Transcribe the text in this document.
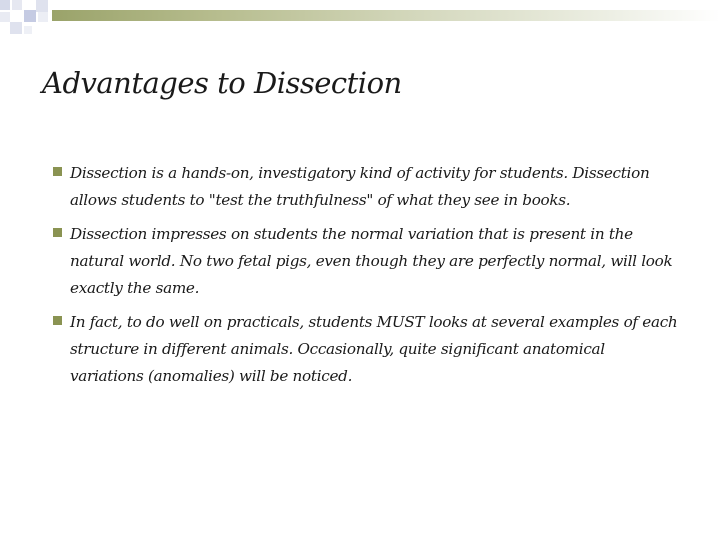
Advantages to Dissection
Dissection is a hands-on, investigatory kind of activity for students. Dissection allows students to "test the truthfulness" of what they see in books.
Dissection impresses on students the normal variation that is present in the natural world. No two fetal pigs, even though they are perfectly normal, will look exactly the same.
In fact, to do well on practicals, students MUST looks at several examples of each structure in different animals. Occasionally, quite significant anatomical variations (anomalies) will be noticed.
